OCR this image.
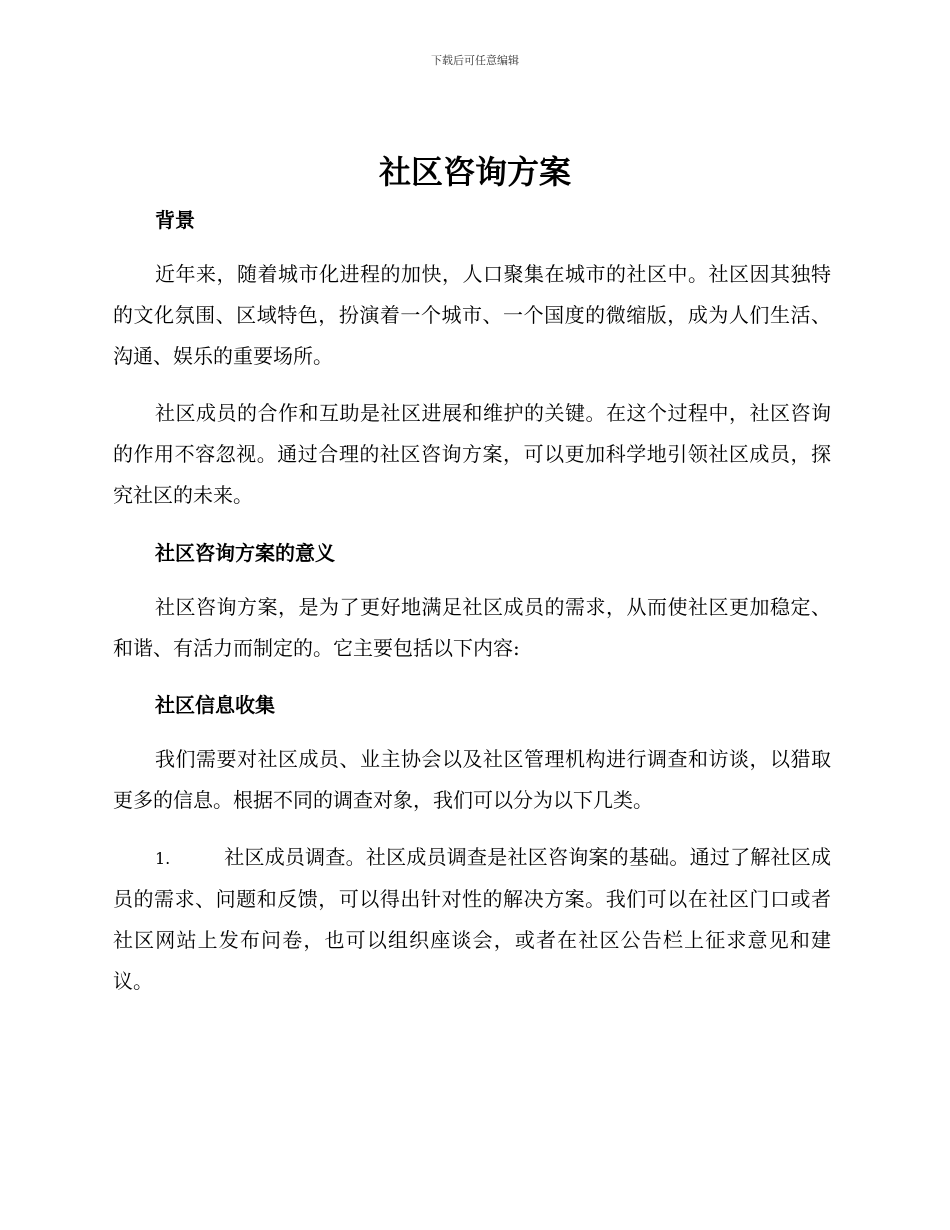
下载后可任意编辑
社区咨询方案
背景

近年来，随着城市化进程的加快，人口聚集在城市的社区中。社区因其独特的文化氛围、区域特色，扮演着一个城市、一个国度的微缩版，成为人们生活、沟通、娱乐的重要场所。

社区成员的合作和互助是社区进展和维护的关键。在这个过程中，社区咨询的作用不容忽视。通过合理的社区咨询方案，可以更加科学地引领社区成员，探究社区的未来。

社区咨询方案的意义

社区咨询方案，是为了更好地满足社区成员的需求，从而使社区更加稳定、和谐、有活力而制定的。它主要包括以下内容:

社区信息收集

我们需要对社区成员、业主协会以及社区管理机构进行调查和访谈，以猎取更多的信息。根据不同的调查对象，我们可以分为以下几类。

1.	社区成员调查。社区成员调查是社区咨询案的基础。通过了解社区成员的需求、问题和反馈，可以得出针对性的解决方案。我们可以在社区门口或者社区网站上发布问卷，也可以组织座谈会，或者在社区公告栏上征求意见和建议。
